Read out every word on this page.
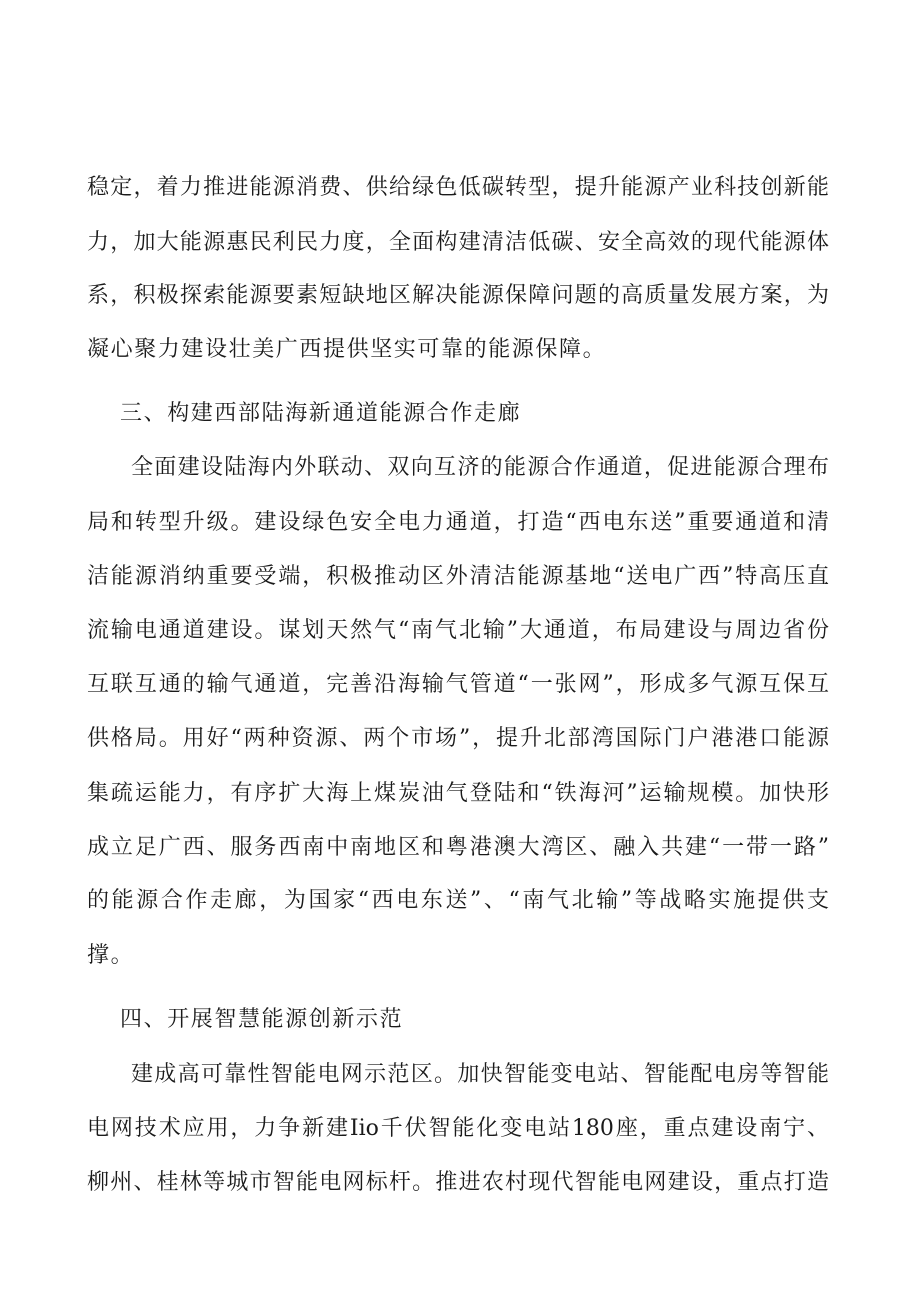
稳定，着力推进能源消费、供给绿色低碳转型，提升能源产业科技创新能

力，加大能源惠民利民力度，全面构建清洁低碳、安全高效的现代能源体

系，积极探索能源要素短缺地区解决能源保障问题的高质量发展方案，为

凝心聚力建设壮美广西提供坚实可靠的能源保障。

三、构建西部陆海新通道能源合作走廊

全面建设陆海内外联动、双向互济的能源合作通道，促进能源合理布

局和转型升级。建设绿色安全电力通道，打造“西电东送”重要通道和清

洁能源消纳重要受端，积极推动区外清洁能源基地“送电广西”特高压直

流输电通道建设。谋划天然气“南气北输”大通道，布局建设与周边省份

互联互通的输气通道，完善沿海输气管道“一张网”，形成多气源互保互

供格局。用好“两种资源、两个市场”，提升北部湾国际门户港港口能源

集疏运能力，有序扩大海上煤炭油气登陆和“铁海河”运输规模。加快形

成立足广西、服务西南中南地区和粤港澳大湾区、融入共建“一带一路”

的能源合作走廊，为国家“西电东送”、“南气北输”等战略实施提供支

撑。

四、开展智慧能源创新示范

建成高可靠性智能电网示范区。加快智能变电站、智能配电房等智能

电网技术应用，力争新建Iio千伏智能化变电站180座，重点建设南宁、

柳州、桂林等城市智能电网标杆。推进农村现代智能电网建设，重点打造
